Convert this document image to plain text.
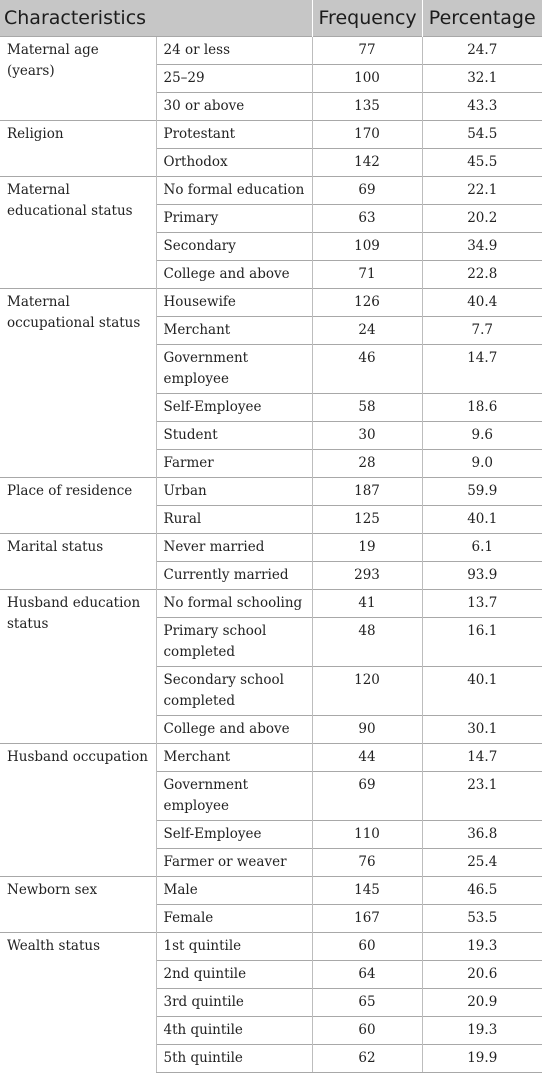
Characteristics		Frequency	Percentage
Maternal age (years)	24 or less	77	24.7
	25–29	100	32.1
	30 or above	135	43.3
Religion	Protestant	170	54.5
	Orthodox	142	45.5
Maternal educational status	No formal education	69	22.1
	Primary	63	20.2
	Secondary	109	34.9
	College and above	71	22.8
Maternal occupational status	Housewife	126	40.4
	Merchant	24	7.7
	Government employee	46	14.7
	Self-Employee	58	18.6
	Student	30	9.6
	Farmer	28	9.0
Place of residence	Urban	187	59.9
	Rural	125	40.1
Marital status	Never married	19	6.1
	Currently married	293	93.9
Husband education status	No formal schooling	41	13.7
	Primary school completed	48	16.1
	Secondary school completed	120	40.1
	College and above	90	30.1
Husband occupation	Merchant	44	14.7
	Government employee	69	23.1
	Self-Employee	110	36.8
	Farmer or weaver	76	25.4
Newborn sex	Male	145	46.5
	Female	167	53.5
Wealth status	1st quintile	60	19.3
	2nd quintile	64	20.6
	3rd quintile	65	20.9
	4th quintile	60	19.3
	5th quintile	62	19.9
